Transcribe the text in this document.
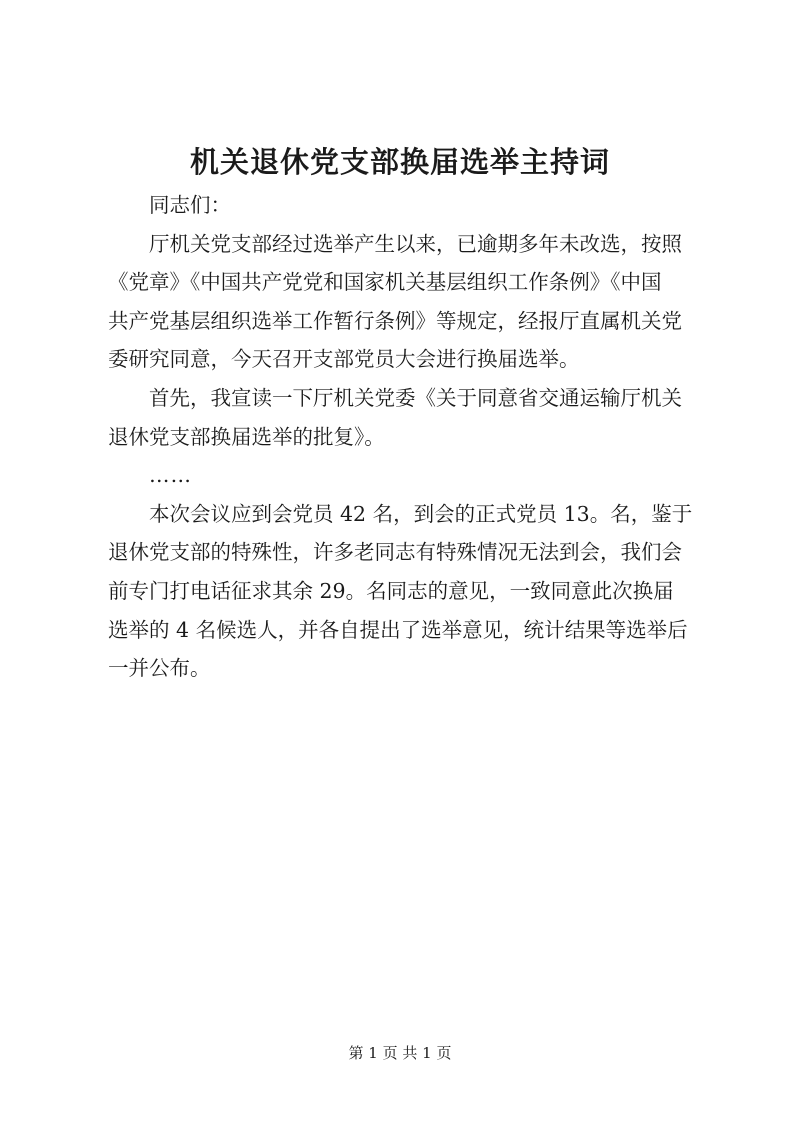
机关退休党支部换届选举主持词

同志们：

厅机关党支部经过选举产生以来，已逾期多年未改选，按照
《党章》《中国共产党党和国家机关基层组织工作条例》《中国
共产党基层组织选举工作暂行条例》等规定，经报厅直属机关党
委研究同意，今天召开支部党员大会进行换届选举。

首先，我宣读一下厅机关党委《关于同意省交通运输厅机关
退休党支部换届选举的批复》。

……

本次会议应到会党员 42 名，到会的正式党员 13。名，鉴于
退休党支部的特殊性，许多老同志有特殊情况无法到会，我们会
前专门打电话征求其余 29。名同志的意见，一致同意此次换届
选举的 4 名候选人，并各自提出了选举意见，统计结果等选举后
一并公布。

第 1 页 共 1 页
